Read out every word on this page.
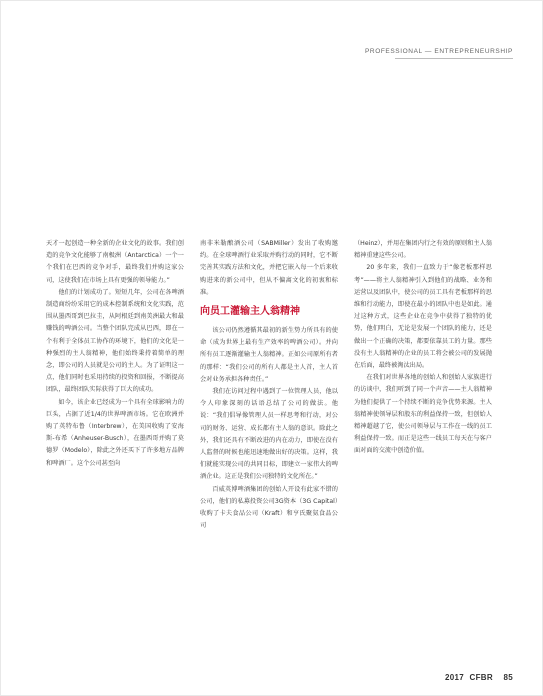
PROFESSIONAL — ENTREPRENEURSHIP

天才一起创造一种全新的企业文化的故事。我们创造的竞争文化能够了南极洲（Antarctica）一个一个我们在巴西的竞争对手，最终我们并购这家公司，这使我们在市场上具有更强的领导能力。”

他们的计划成功了。短短几年，公司在各啤酒制造商纷纷采用它的成本控制系统和文化实践，范围从墨西哥到巴拉圭，从阿根廷到南美洲最大和最赚钱的啤酒公司。当整个团队完成从巴西，即在一个有利于全体员工协作的环境下，他们的文化是一种强烈的主人翁精神，他们始终秉持着简单的理念，即公司的人员就是公司的主人。为了证明这一点，他们同时也采用持续的投资和回报，不断提高团队，最终团队实际获得了巨大的成功。

如今，该企业已经成为一个具有全球影响力的巨头，占据了近1/4的世界啤酒市场。它在欧洲并购了英特布鲁（Interbrew），在美国收购了安海斯-布希（Anheuser-Busch），在墨西哥并购了莫德罗（Modelo），除此之外还买下了许多地方品牌和啤酒厂。这个公司甚至向

南非米勒酿酒公司（SABMiller）发出了收购邀约。在全球啤酒行业采取并购行动的同时，它不断完善其实践方法和文化，并把它嵌入每一个后来收购进来的新公司中，但从不偏离文化的初衷和标准。

向员工灌输主人翁精神

该公司仍然遵循其最初的新生势力所具有的使命（成为世界上最有生产效率的啤酒公司）。并向所有员工逐渐灌输主人翁精神。正如公司原所有者的那样：“我们公司的所有人都是主人首，主人首会对业务承担各种责任。”

我们在访问过程中遇到了一位管理人员，他以令人印象深刻的话语总结了公司的做法。他说：“我们倡导像管理人员一样思考和行动，对公司的财务、运营、成长都有主人翁的意识。除此之外，我们还具有不断改进的内在动力，即使在没有人监督的时候也能迅速地做出好的决策。这样，我们就能实现公司的共同目标，即建立一家伟大的啤酒企业。这正是我们公司独特的文化所在。”

百威英博啤酒集团的创始人开设有此家不错的公司，他们的私募投资公司3G资本（3G Capital）收购了卡夫食品公司（Kraft）和亨氏聚氨食品公司

（Heinz），并用在集团内行之有效的原则和主人翁精神重建这些公司。

20 多年来，我们一直致力于“像老板那样思考”——将主人翁精神引入到他们的战略、业务和运营以及团队中，使公司的员工具有老板那样的思维和行动能力，即使在最小的团队中也是如此。通过这种方式，这些企业在竞争中获得了独特的优势，他们明白，无论是发展一个团队的能力，还是做出一个正确的决策，都要依靠员工的力量。那些没有主人翁精神的企业的员工将会被公司的发展抛在后面，最终被淘汰出局。

在我们对世界各地的创始人和创始人家族进行的访谈中，我们听到了同一个声音——主人翁精神为他们提供了一个持续不断的竞争优势来源。主人翁精神使领导层和股东的利益保持一致，但创始人精神超越了它，使公司领导层与工作在一线的员工利益保持一致。而正是这些一线员工每天在与客户面对面的交流中创造价值。

2017 CFBR 85
